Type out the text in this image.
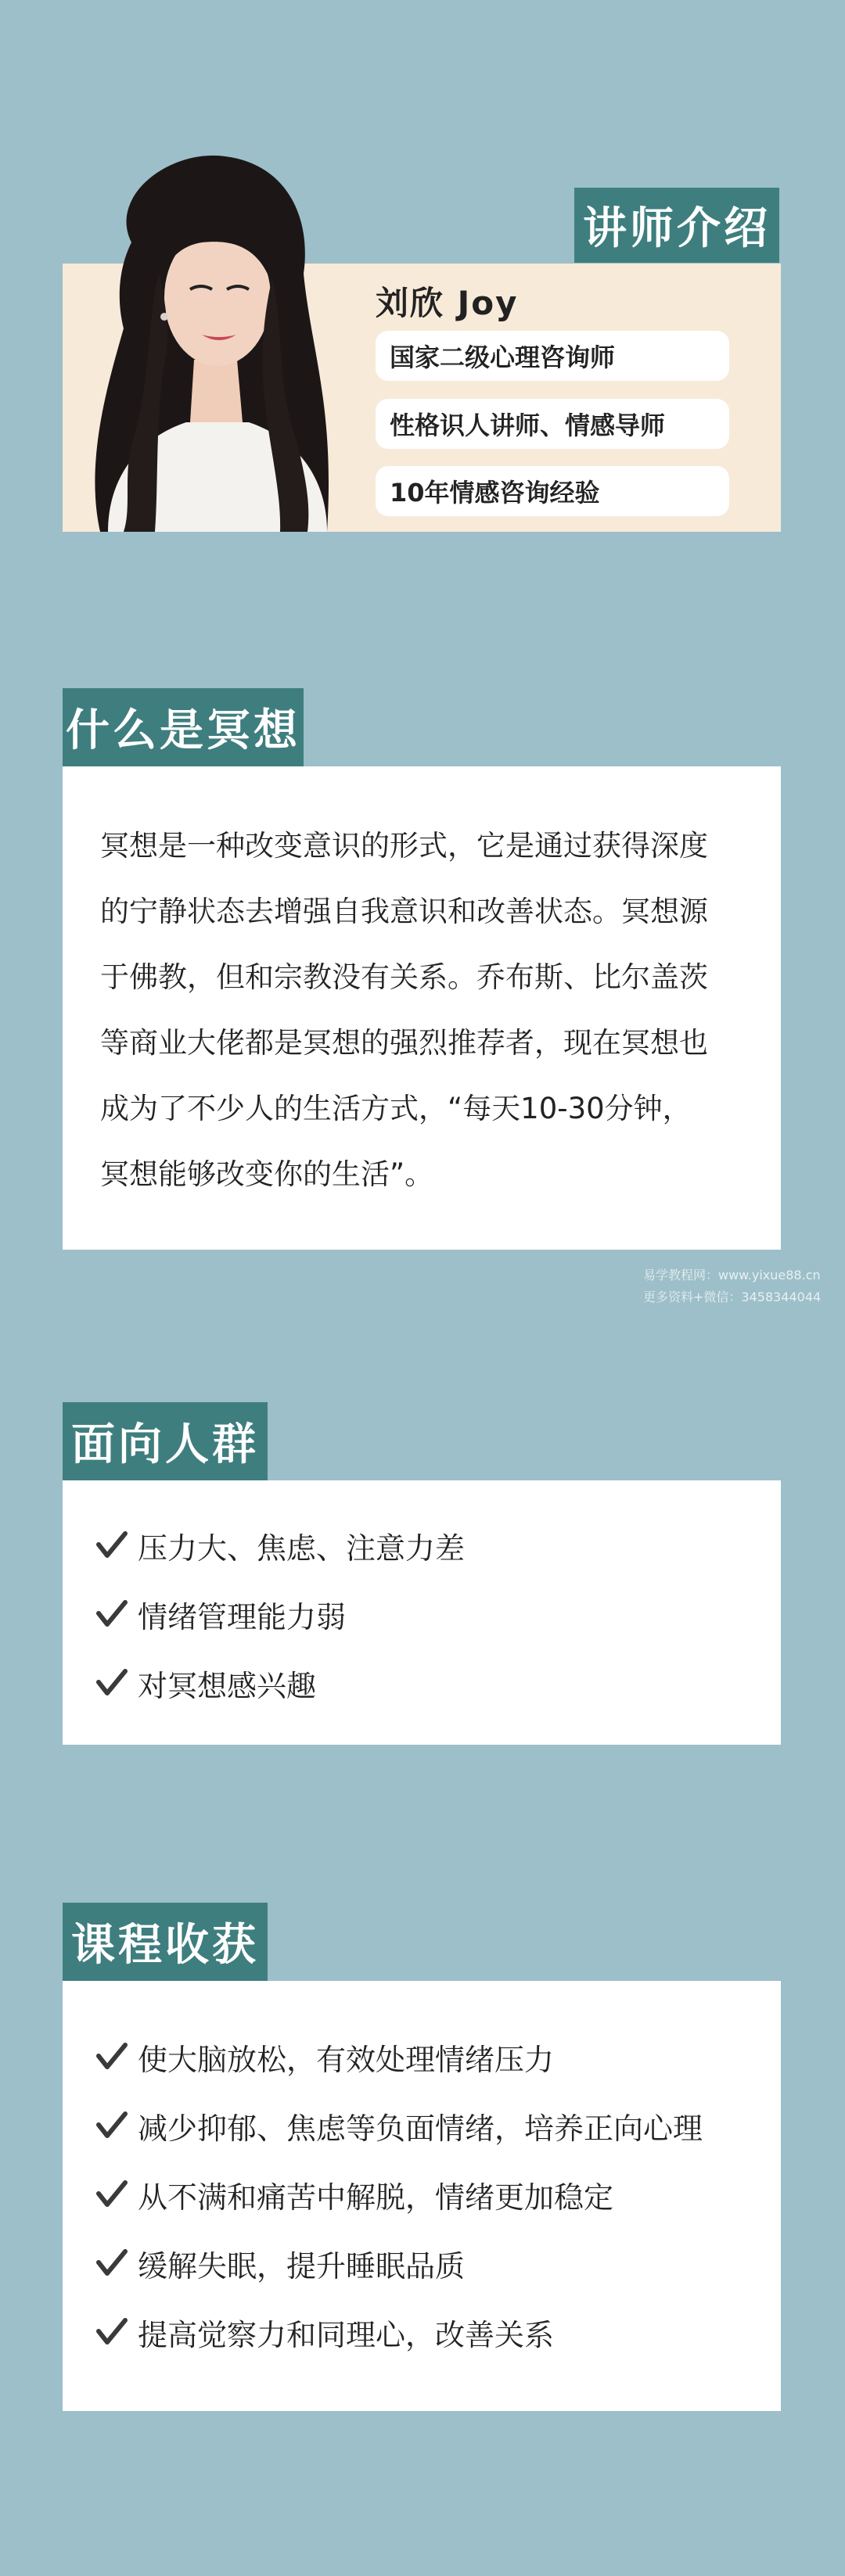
讲师介绍
刘欣 Joy
国家二级心理咨询师
性格识人讲师、情感导师
10年情感咨询经验
什么是冥想
冥想是一种改变意识的形式，它是通过获得深度
的宁静状态去增强自我意识和改善状态。冥想源
于佛教，但和宗教没有关系。乔布斯、比尔盖茨
等商业大佬都是冥想的强烈推荐者，现在冥想也
成为了不少人的生活方式，“每天10-30分钟，
冥想能够改变你的生活”。
易学教程网：www.yixue88.cn
更多资料+微信：3458344044
面向人群
压力大、焦虑、注意力差
情绪管理能力弱
对冥想感兴趣
课程收获
使大脑放松，有效处理情绪压力
减少抑郁、焦虑等负面情绪，培养正向心理
从不满和痛苦中解脱，情绪更加稳定
缓解失眠，提升睡眠品质
提高觉察力和同理心，改善关系
